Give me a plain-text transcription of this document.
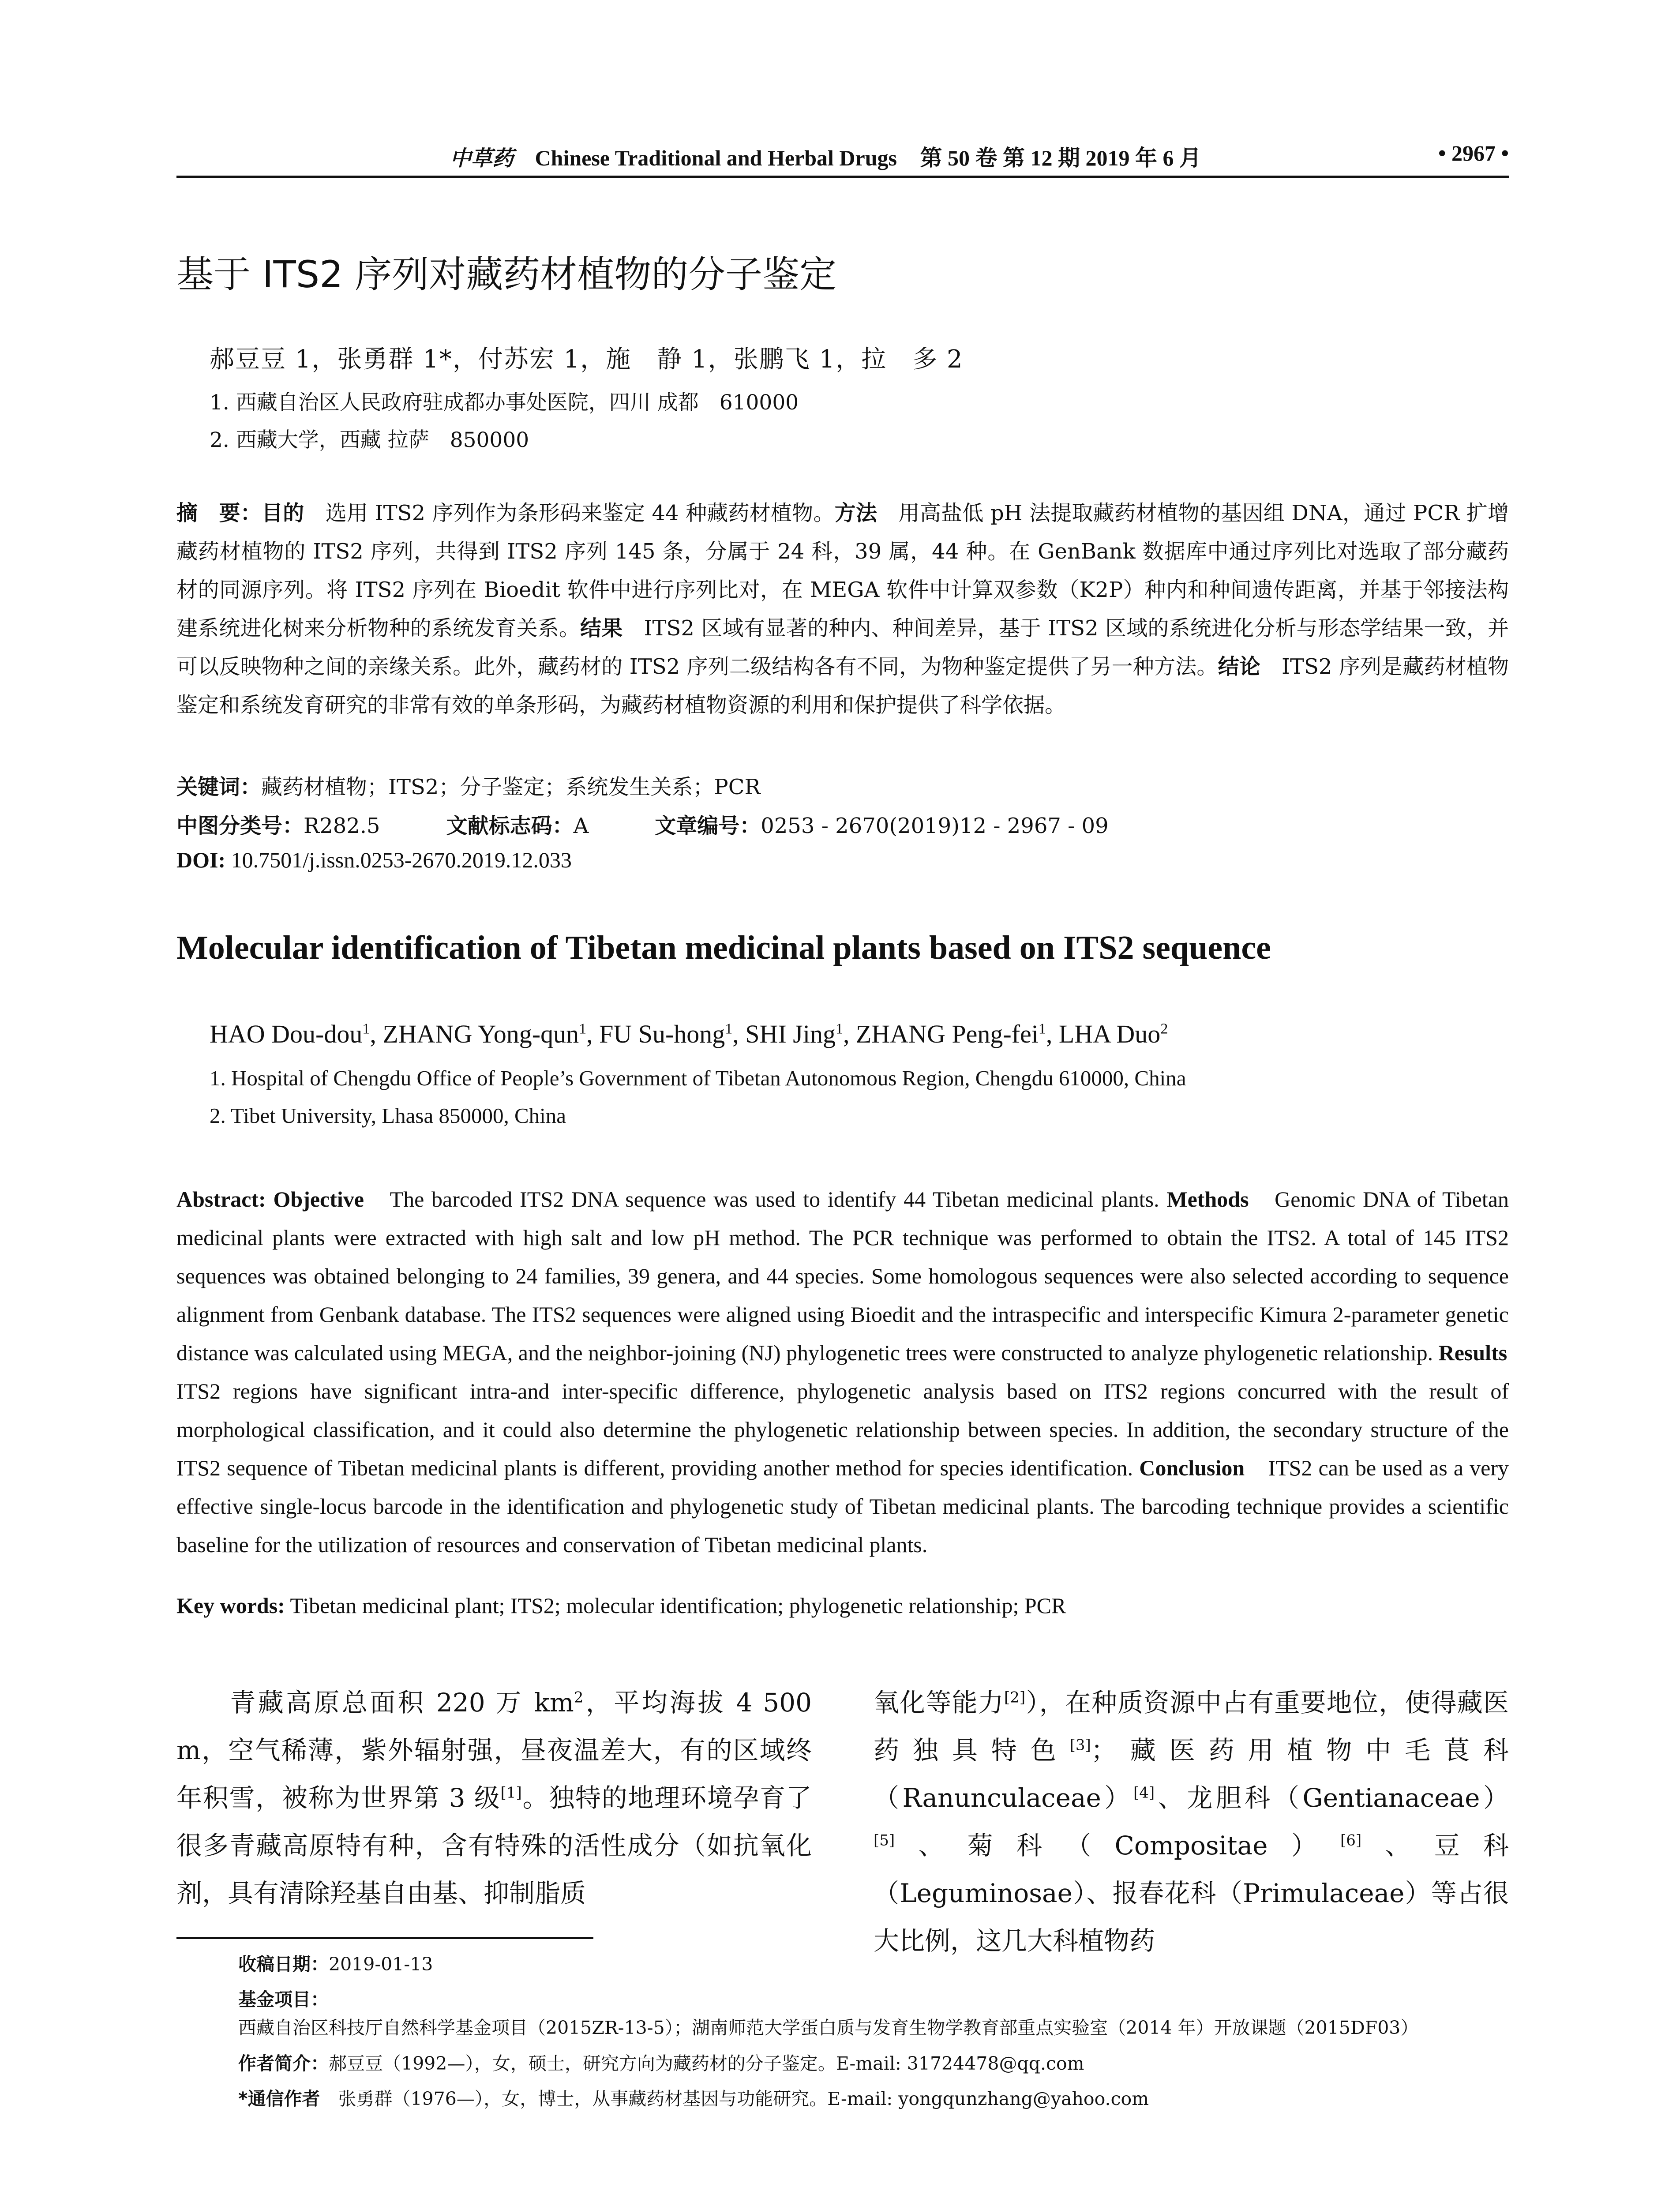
中草药 Chinese Traditional and Herbal Drugs 第 50 卷 第 12 期 2019 年 6 月	• 2967 •
基于 ITS2 序列对藏药材植物的分子鉴定
郝豆豆 1，张勇群 1*，付苏宏 1，施　静 1，张鹏飞 1，拉　多 2
1. 西藏自治区人民政府驻成都办事处医院，四川 成都　610000
2. 西藏大学，西藏 拉萨　850000
摘　要：目的　选用 ITS2 序列作为条形码来鉴定 44 种藏药材植物。方法　用高盐低 pH 法提取藏药材植物的基因组 DNA，通过 PCR 扩增藏药材植物的 ITS2 序列，共得到 ITS2 序列 145 条，分属于 24 科，39 属，44 种。在 GenBank 数据库中通过序列比对选取了部分藏药材的同源序列。将 ITS2 序列在 Bioedit 软件中进行序列比对，在 MEGA 软件中计算双参数（K2P）种内和种间遗传距离，并基于邻接法构建系统进化树来分析物种的系统发育关系。结果　ITS2 区域有显著的种内、种间差异，基于 ITS2 区域的系统进化分析与形态学结果一致，并可以反映物种之间的亲缘关系。此外，藏药材的 ITS2 序列二级结构各有不同，为物种鉴定提供了另一种方法。结论　ITS2 序列是藏药材植物鉴定和系统发育研究的非常有效的单条形码，为藏药材植物资源的利用和保护提供了科学依据。
关键词：藏药材植物；ITS2；分子鉴定；系统发生关系；PCR
中图分类号：R282.5	文献标志码：A	文章编号：0253 - 2670(2019)12 - 2967 - 09
DOI: 10.7501/j.issn.0253-2670.2019.12.033
Molecular identification of Tibetan medicinal plants based on ITS2 sequence
HAO Dou-dou$^1$, ZHANG Yong-qun$^1$, FU Su-hong$^1$, SHI Jing$^1$, ZHANG Peng-fei$^1$, LHA Duo$^2$
1. Hospital of Chengdu Office of People’s Government of Tibetan Autonomous Region, Chengdu 610000, China
2. Tibet University, Lhasa 850000, China
Abstract: Objective　The barcoded ITS2 DNA sequence was used to identify 44 Tibetan medicinal plants. Methods　Genomic DNA of Tibetan medicinal plants were extracted with high salt and low pH method. The PCR technique was performed to obtain the ITS2. A total of 145 ITS2 sequences was obtained belonging to 24 families, 39 genera, and 44 species. Some homologous sequences were also selected according to sequence alignment from Genbank database. The ITS2 sequences were aligned using Bioedit and the intraspecific and interspecific Kimura 2-parameter genetic distance was calculated using MEGA, and the neighbor-joining (NJ) phylogenetic trees were constructed to analyze phylogenetic relationship. Results　ITS2 regions have significant intra-and inter-specific difference, phylogenetic analysis based on ITS2 regions concurred with the result of morphological classification, and it could also determine the phylogenetic relationship between species. In addition, the secondary structure of the ITS2 sequence of Tibetan medicinal plants is different, providing another method for species identification. Conclusion　ITS2 can be used as a very effective single-locus barcode in the identification and phylogenetic study of Tibetan medicinal plants. The barcoding technique provides a scientific baseline for the utilization of resources and conservation of Tibetan medicinal plants.
Key words: Tibetan medicinal plant; ITS2; molecular identification; phylogenetic relationship; PCR
青藏高原总面积 220 万 $km^2$，平均海拔 4 500 m，空气稀薄，紫外辐射强，昼夜温差大，有的区域终年积雪，被称为世界第 3 级[1]。独特的地理环境孕育了很多青藏高原特有种，含有特殊的活性成分（如抗氧化剂，具有清除羟基自由基、抑制脂质
氧化等能力[2]），在种质资源中占有重要地位，使得藏医药独具特色[3]；藏医药用植物中毛茛科（Ranunculaceae）[4]、龙胆科（Gentianaceae）[5]、菊科（Compositae）[6]、豆科（Leguminosae）、报春花科（Primulaceae）等占很大比例，这几大科植物药
收稿日期：2019-01-13
基金项目：西藏自治区科技厅自然科学基金项目（2015ZR-13-5）；湖南师范大学蛋白质与发育生物学教育部重点实验室（2014 年）开放课题（2015DF03）
作者简介：郝豆豆（1992—），女，硕士，研究方向为藏药材的分子鉴定。E-mail: 31724478@qq.com
*通信作者　张勇群（1976—），女，博士，从事藏药材基因与功能研究。E-mail: yongqunzhang@yahoo.com
